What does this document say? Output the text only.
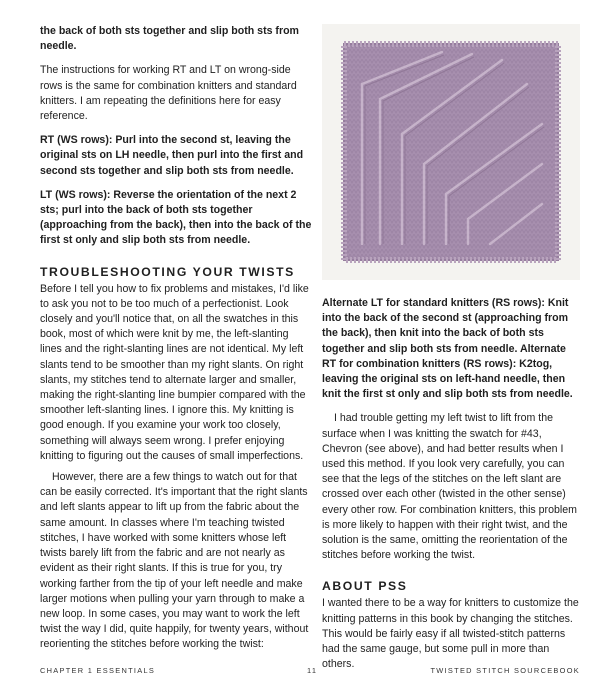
the back of both sts together and slip both sts from needle.

The instructions for working RT and LT on wrong-side rows is the same for combination knitters and standard knitters. I am repeating the definitions here for easy reference.

RT (WS rows): Purl into the second st, leaving the original sts on LH needle, then purl into the first and second sts together and slip both sts from needle.

LT (WS rows): Reverse the orientation of the next 2 sts; purl into the back of both sts together (approaching from the back), then into the back of the first st only and slip both sts from needle.

TROUBLESHOOTING YOUR TWISTS

Before I tell you how to fix problems and mistakes, I'd like to ask you not to be too much of a perfectionist. Look closely and you'll notice that, on all the swatches in this book, most of which were knit by me, the left-slanting lines and the right-slanting lines are not identical. My left slants tend to be smoother than my right slants. On right slants, my stitches tend to alternate larger and smaller, making the right-slanting line bumpier compared with the smoother left-slanting lines. I ignore this. My knitting is good enough. If you examine your work too closely, something will always seem wrong. I prefer enjoying knitting to figuring out the causes of small imperfections.

However, there are a few things to watch out for that can be easily corrected. It's important that the right slants and left slants appear to lift up from the fabric about the same amount. In classes where I'm teaching twisted stitches, I have worked with some knitters whose left twists barely lift from the fabric and are not nearly as evident as their right slants. If this is true for you, try working farther from the tip of your left needle and make larger motions when pulling your yarn through to make a new loop. In some cases, you may want to work the left twist the way I did, quite happily, for twenty years, without reorienting the stitches before working the twist:

Alternate LT for standard knitters (RS rows): Knit into the back of the second st (approaching from the back), then knit into the back of both sts together and slip both sts from needle. Alternate RT for combination knitters (RS rows): K2tog, leaving the original sts on left-hand needle, then knit the first st only and slip both sts from needle.

I had trouble getting my left twist to lift from the surface when I was knitting the swatch for #43, Chevron (see above), and had better results when I used this method. If you look very carefully, you can see that the legs of the stitches on the left slant are crossed over each other (twisted in the other sense) every other row. For combination knitters, this problem is more likely to happen with their right twist, and the solution is the same, omitting the reorientation of the stitches before working the twist.

ABOUT PSS

I wanted there to be a way for knitters to customize the knitting patterns in this book by changing the stitches. This would be fairly easy if all twisted-stitch patterns had the same gauge, but some pull in more than others.

CHAPTER 1 ESSENTIALS	11	TWISTED STITCH SOURCEBOOK
